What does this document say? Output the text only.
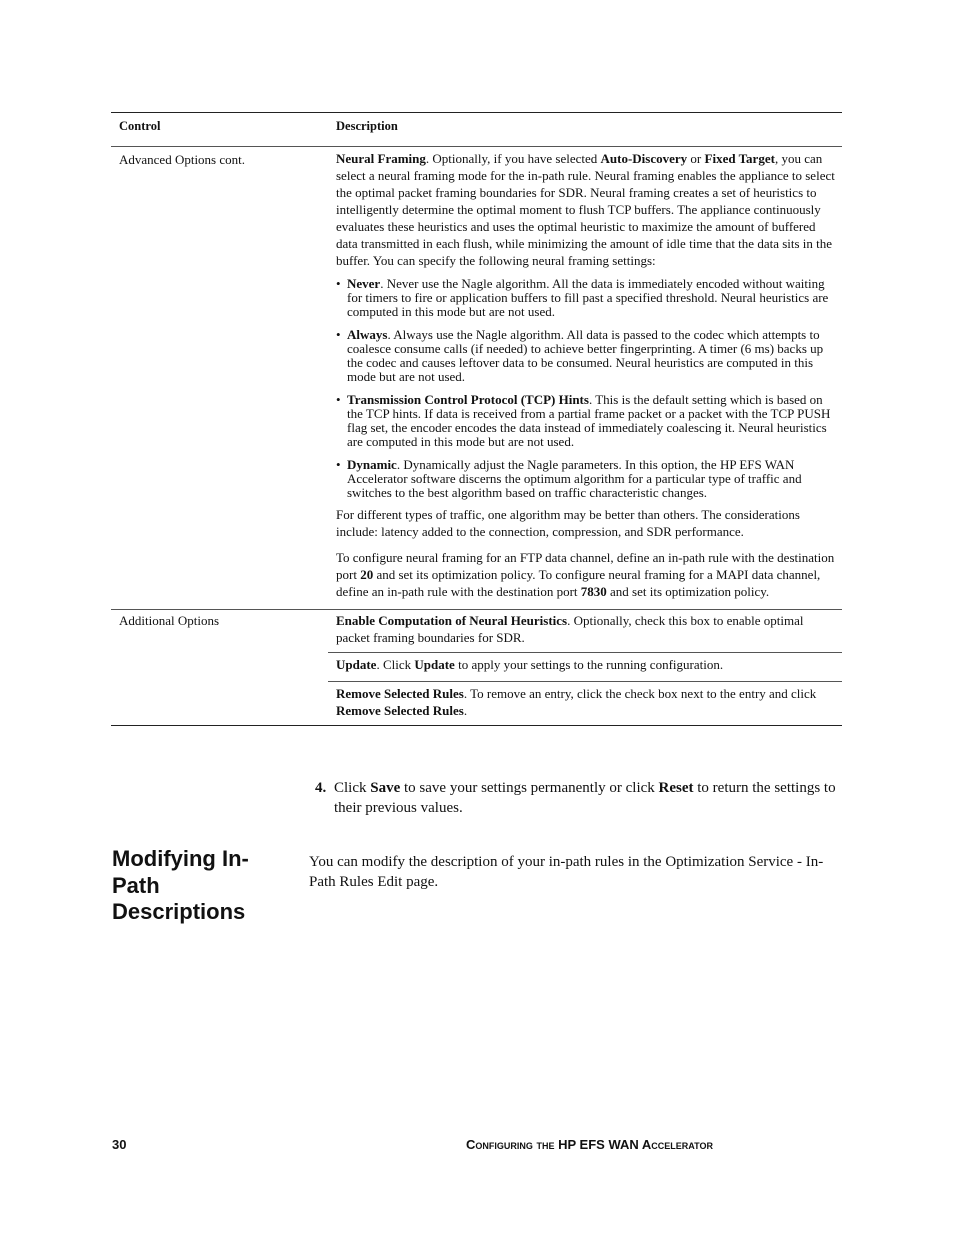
Control	Description
Advanced Options cont.	Neural Framing. Optionally, if you have selected Auto-Discovery or Fixed Target, you can select a neural framing mode for the in-path rule. Neural framing enables the appliance to select the optimal packet framing boundaries for SDR. Neural framing creates a set of heuristics to intelligently determine the optimal moment to flush TCP buffers. The appliance continuously evaluates these heuristics and uses the optimal heuristic to maximize the amount of buffered data transmitted in each flush, while minimizing the amount of idle time that the data sits in the buffer. You can specify the following neural framing settings:

• Never. Never use the Nagle algorithm. All the data is immediately encoded without waiting for timers to fire or application buffers to fill past a specified threshold. Neural heuristics are computed in this mode but are not used.
• Always. Always use the Nagle algorithm. All data is passed to the codec which attempts to coalesce consume calls (if needed) to achieve better fingerprinting. A timer (6 ms) backs up the codec and causes leftover data to be consumed. Neural heuristics are computed in this mode but are not used.
• Transmission Control Protocol (TCP) Hints. This is the default setting which is based on the TCP hints. If data is received from a partial frame packet or a packet with the TCP PUSH flag set, the encoder encodes the data instead of immediately coalescing it. Neural heuristics are computed in this mode but are not used.
• Dynamic. Dynamically adjust the Nagle parameters. In this option, the HP EFS WAN Accelerator software discerns the optimum algorithm for a particular type of traffic and switches to the best algorithm based on traffic characteristic changes.

For different types of traffic, one algorithm may be better than others. The considerations include: latency added to the connection, compression, and SDR performance.

To configure neural framing for an FTP data channel, define an in-path rule with the destination port 20 and set its optimization policy. To configure neural framing for a MAPI data channel, define an in-path rule with the destination port 7830 and set its optimization policy.

Additional Options	Enable Computation of Neural Heuristics. Optionally, check this box to enable optimal packet framing boundaries for SDR.

Update. Click Update to apply your settings to the running configuration.

Remove Selected Rules. To remove an entry, click the check box next to the entry and click Remove Selected Rules.

4. Click Save to save your settings permanently or click Reset to return the settings to their previous values.
Modifying In-Path Descriptions

You can modify the description of your in-path rules in the Optimization Service - In-Path Rules Edit page.

30	Configuring the HP EFS WAN Accelerator
